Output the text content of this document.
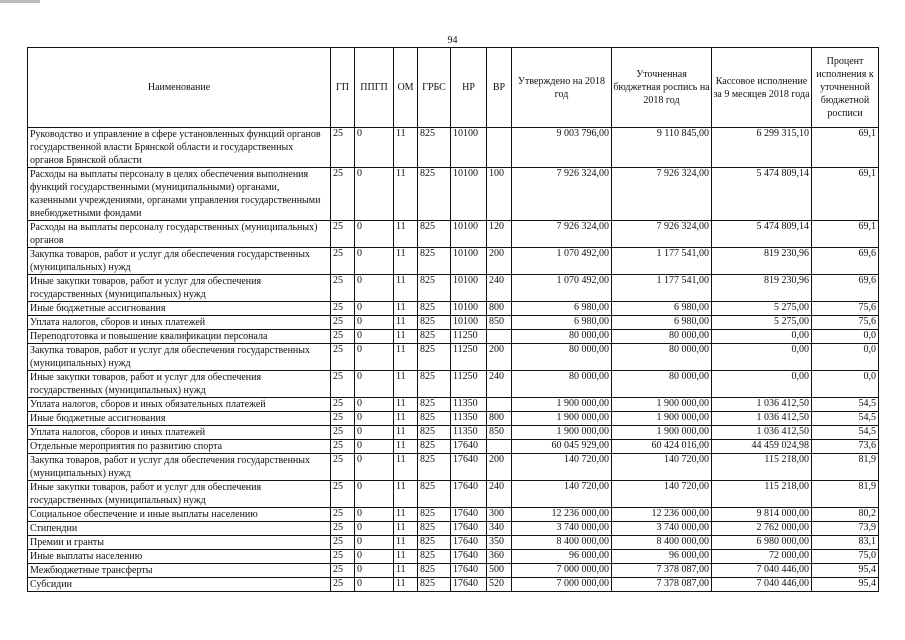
94
Наименование	ГП	ППГП	ОМ	ГРБС	НР	ВР	Утверждено на 2018 год	Уточненная бюджетная роспись на 2018 год	Кассовое исполнение за 9 месяцев 2018 года	Процент исполнения к уточненной бюджетной росписи
Руководство и управление в сфере установленных функций органов государственной власти Брянской области и государственных органов Брянской области	25	0	11	825	10100		9 003 796,00	9 110 845,00	6 299 315,10	69,1
Расходы на выплаты персоналу в целях обеспечения выполнения функций государственными (муниципальными) органами, казенными учреждениями, органами управления государственными внебюджетными фондами	25	0	11	825	10100	100	7 926 324,00	7 926 324,00	5 474 809,14	69,1
Расходы на выплаты персоналу государственных (муниципальных) органов	25	0	11	825	10100	120	7 926 324,00	7 926 324,00	5 474 809,14	69,1
Закупка товаров, работ и услуг для обеспечения государственных (муниципальных) нужд	25	0	11	825	10100	200	1 070 492,00	1 177 541,00	819 230,96	69,6
Иные закупки товаров, работ и услуг для обеспечения государственных (муниципальных) нужд	25	0	11	825	10100	240	1 070 492,00	1 177 541,00	819 230,96	69,6
Иные бюджетные ассигнования	25	0	11	825	10100	800	6 980,00	6 980,00	5 275,00	75,6
Уплата налогов, сборов и иных платежей	25	0	11	825	10100	850	6 980,00	6 980,00	5 275,00	75,6
Переподготовка и повышение квалификации персонала	25	0	11	825	11250		80 000,00	80 000,00	0,00	0,0
Закупка товаров, работ и услуг для обеспечения государственных (муниципальных) нужд	25	0	11	825	11250	200	80 000,00	80 000,00	0,00	0,0
Иные закупки товаров, работ и услуг для обеспечения государственных (муниципальных) нужд	25	0	11	825	11250	240	80 000,00	80 000,00	0,00	0,0
Уплата налогов, сборов и иных обязательных платежей	25	0	11	825	11350		1 900 000,00	1 900 000,00	1 036 412,50	54,5
Иные бюджетные ассигнования	25	0	11	825	11350	800	1 900 000,00	1 900 000,00	1 036 412,50	54,5
Уплата налогов, сборов и иных платежей	25	0	11	825	11350	850	1 900 000,00	1 900 000,00	1 036 412,50	54,5
Отдельные мероприятия по развитию спорта	25	0	11	825	17640		60 045 929,00	60 424 016,00	44 459 024,98	73,6
Закупка товаров, работ и услуг для обеспечения государственных (муниципальных) нужд	25	0	11	825	17640	200	140 720,00	140 720,00	115 218,00	81,9
Иные закупки товаров, работ и услуг для обеспечения государственных (муниципальных) нужд	25	0	11	825	17640	240	140 720,00	140 720,00	115 218,00	81,9
Социальное обеспечение и иные выплаты населению	25	0	11	825	17640	300	12 236 000,00	12 236 000,00	9 814 000,00	80,2
Стипендии	25	0	11	825	17640	340	3 740 000,00	3 740 000,00	2 762 000,00	73,9
Премии и гранты	25	0	11	825	17640	350	8 400 000,00	8 400 000,00	6 980 000,00	83,1
Иные выплаты населению	25	0	11	825	17640	360	96 000,00	96 000,00	72 000,00	75,0
Межбюджетные трансферты	25	0	11	825	17640	500	7 000 000,00	7 378 087,00	7 040 446,00	95,4
Субсидии	25	0	11	825	17640	520	7 000 000,00	7 378 087,00	7 040 446,00	95,4
